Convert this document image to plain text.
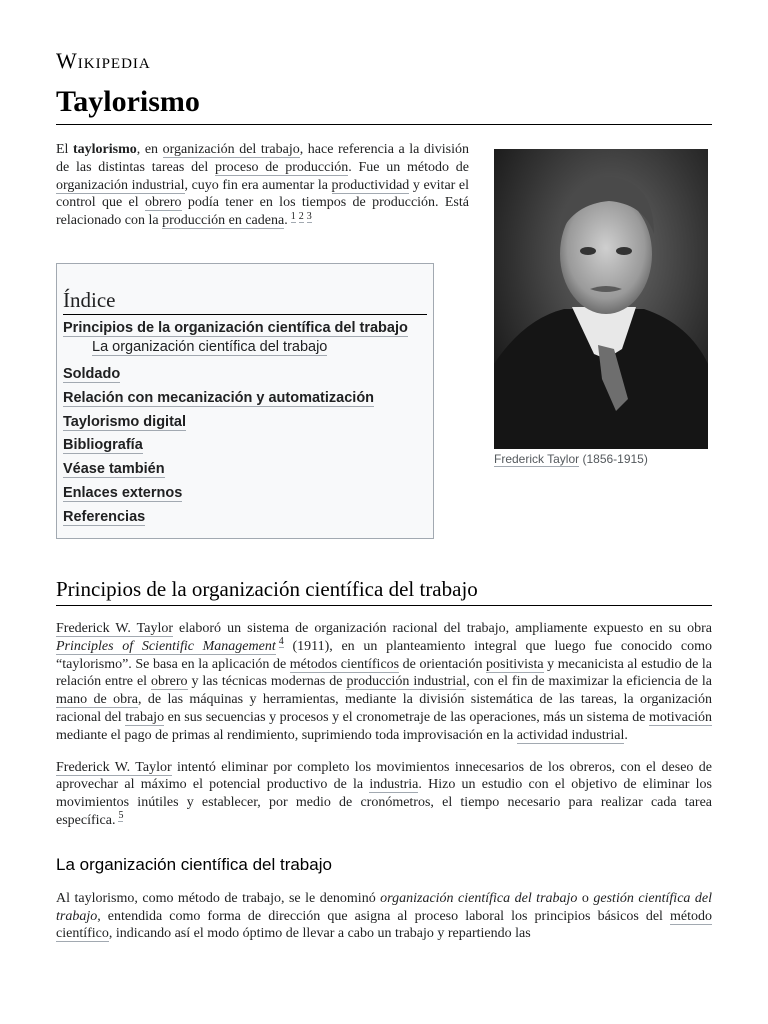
Wikipedia
Taylorismo

El taylorismo, en organización del trabajo, hace referencia a la división de las distintas tareas del proceso de producción. Fue un método de organización industrial, cuyo fin era aumentar la productividad y evitar el control que el obrero podía tener en los tiempos de producción. Está relacionado con la producción en cadena. $^{1 2 3}$

Índice
Principios de la organización científica del trabajo
La organización científica del trabajo
Soldado
Relación con mecanización y automatización
Taylorismo digital
Bibliografía
Véase también
Enlaces externos
Referencias
Frederick Taylor (1856-1915)
Principios de la organización científica del trabajo

Frederick W. Taylor elaboró un sistema de organización racional del trabajo, ampliamente expuesto en su obra Principles of Scientific Management $^4$ (1911), en un planteamiento integral que luego fue conocido como “taylorismo”. Se basa en la aplicación de métodos científicos de orientación positivista y mecanicista al estudio de la relación entre el obrero y las técnicas modernas de producción industrial, con el fin de maximizar la eficiencia de la mano de obra, de las máquinas y herramientas, mediante la división sistemática de las tareas, la organización racional del trabajo en sus secuencias y procesos y el cronometraje de las operaciones, más un sistema de motivación mediante el pago de primas al rendimiento, suprimiendo toda improvisación en la actividad industrial.

Frederick W. Taylor intentó eliminar por completo los movimientos innecesarios de los obreros, con el deseo de aprovechar al máximo el potencial productivo de la industria. Hizo un estudio con el objetivo de eliminar los movimientos inútiles y establecer, por medio de cronómetros, el tiempo necesario para realizar cada tarea específica. $^5$

La organización científica del trabajo

Al taylorismo, como método de trabajo, se le denominó organización científica del trabajo o gestión científica del trabajo, entendida como forma de dirección que asigna al proceso laboral los principios básicos del método científico, indicando así el modo óptimo de llevar a cabo un trabajo y repartiendo las
